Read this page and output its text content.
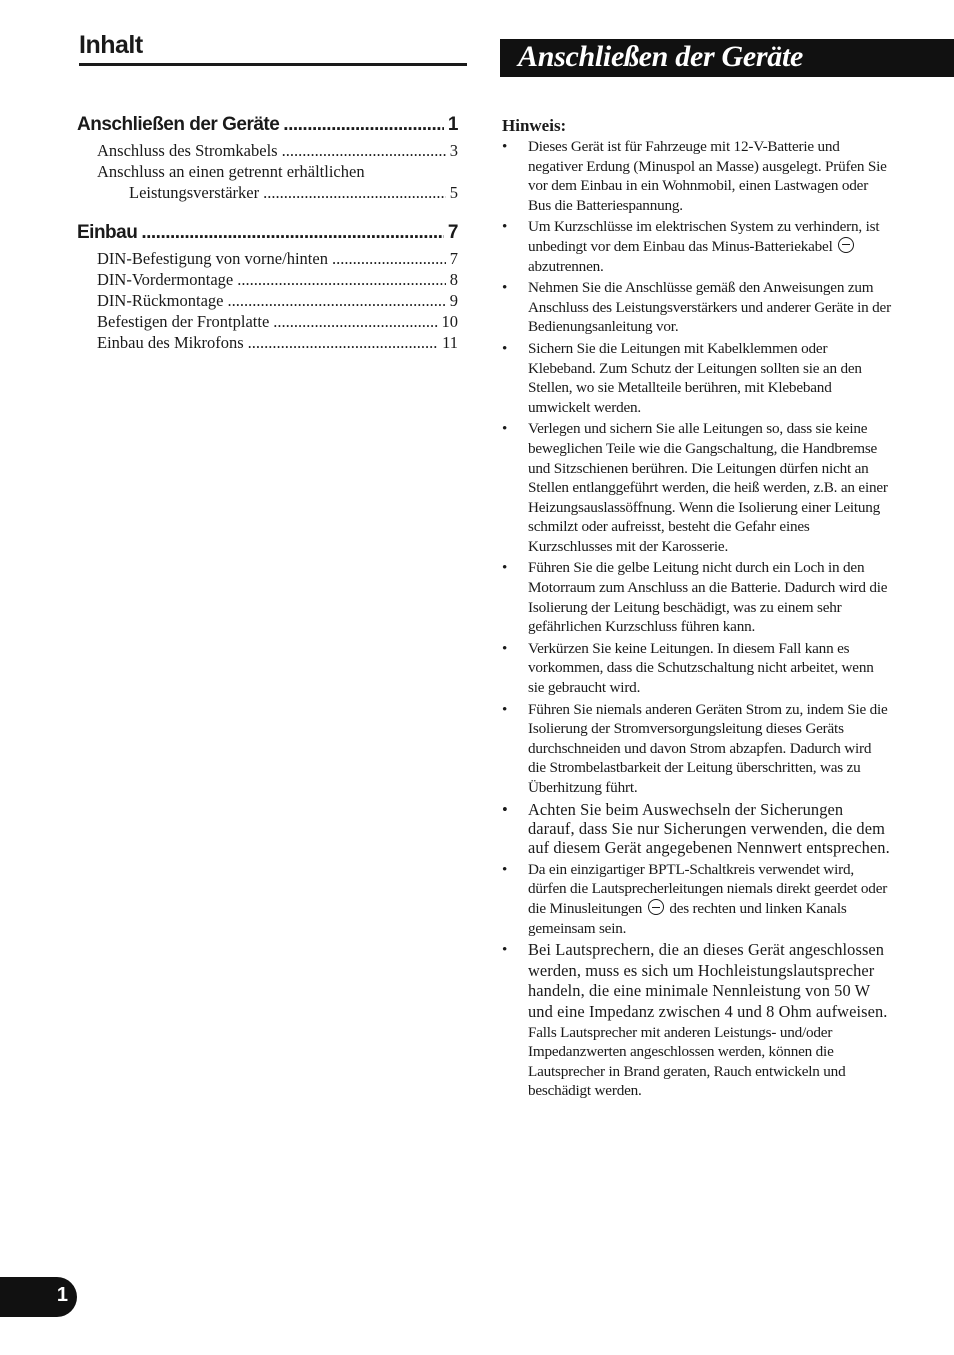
Inhalt
Anschließen der Geräte .....	1
Anschluss des Stromkabels .....	3
Anschluss an einen getrennt erhältlichen
Leistungsverstärker .....	5
Einbau .....	7
DIN-Befestigung von vorne/hinten .....	7
DIN-Vordermontage .....	8
DIN-Rückmontage .....	9
Befestigen der Frontplatte .....	10
Einbau des Mikrofons .....	11
Anschließen der Geräte
Hinweis:
• Dieses Gerät ist für Fahrzeuge mit 12-V-Batterie und negativer Erdung (Minuspol an Masse) ausgelegt. Prüfen Sie vor dem Einbau in ein Wohnmobil, einen Lastwagen oder Bus die Batteriespannung.
• Um Kurzschlüsse im elektrischen System zu verhindern, ist unbedingt vor dem Einbau das Minus-Batteriekabel  abzutrennen.
• Nehmen Sie die Anschlüsse gemäß den Anweisungen zum Anschluss des Leistungsverstärkers und anderer Geräte in der Bedienungsanleitung vor.
• Sichern Sie die Leitungen mit Kabelklemmen oder Klebeband. Zum Schutz der Leitungen sollten sie an den Stellen, wo sie Metallteile berühren, mit Klebeband umwickelt werden.
• Verlegen und sichern Sie alle Leitungen so, dass sie keine beweglichen Teile wie die Gangschaltung, die Handbremse und Sitzschienen berühren. Die Leitungen dürfen nicht an Stellen entlanggeführt werden, die heiß werden, z.B. an einer Heizungsauslassöffnung. Wenn die Isolierung einer Leitung schmilzt oder aufreisst, besteht die Gefahr eines Kurzschlusses mit der Karosserie.
• Führen Sie die gelbe Leitung nicht durch ein Loch in den Motorraum zum Anschluss an die Batterie. Dadurch wird die Isolierung der Leitung beschädigt, was zu einem sehr gefährlichen Kurzschluss führen kann.
• Verkürzen Sie keine Leitungen. In diesem Fall kann es vorkommen, dass die Schutzschaltung nicht arbeitet, wenn sie gebraucht wird.
• Führen Sie niemals anderen Geräten Strom zu, indem Sie die Isolierung der Stromversorgungsleitung dieses Geräts durchschneiden und davon Strom abzapfen. Dadurch wird die Strombelastbarkeit der Leitung überschritten, was zu Überhitzung führt.
• Achten Sie beim Auswechseln der Sicherungen darauf, dass Sie nur Sicherungen verwenden, die dem auf diesem Gerät angegebenen Nennwert entsprechen.
• Da ein einzigartiger BPTL-Schaltkreis verwendet wird, dürfen die Lautsprecherleitungen niemals direkt geerdet oder die Minusleitungen des rechten und linken Kanals gemeinsam sein.
• Bei Lautsprechern, die an dieses Gerät angeschlossen werden, muss es sich um Hochleistungslautsprecher handeln, die eine minimale Nennleistung von 50 W und eine Impedanz zwischen 4 und 8 Ohm aufweisen. Falls Lautsprecher mit anderen Leistungs- und/oder Impedanzwerten angeschlossen werden, können die Lautsprecher in Brand geraten, Rauch entwickeln und beschädigt werden.
1
